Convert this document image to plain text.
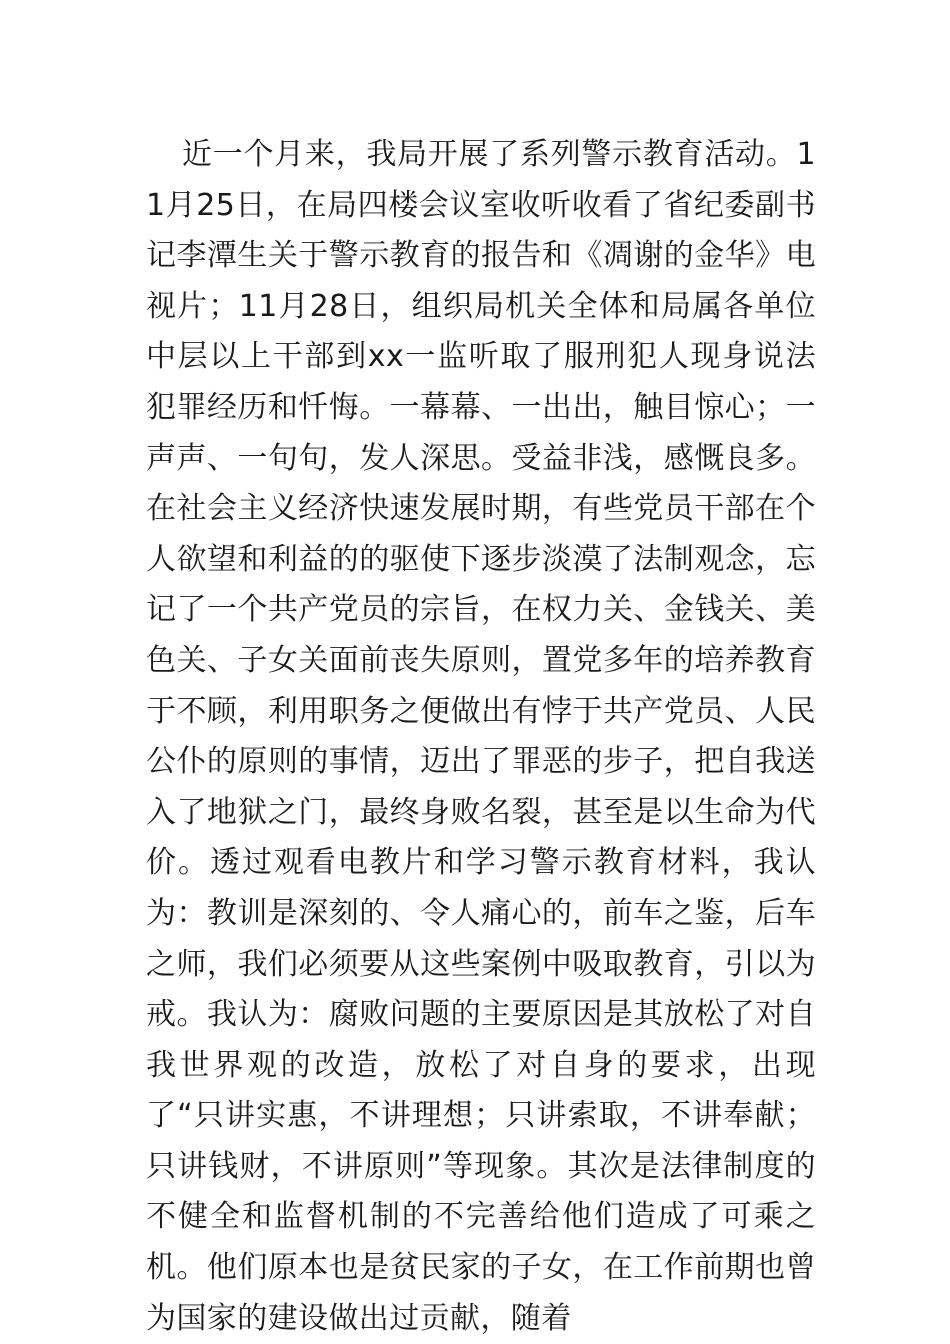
近一个月来，我局开展了系列警示教育活动。11月25日，在局四楼会议室收听收看了省纪委副书记李潭生关于警示教育的报告和《凋谢的金华》电视片；11月28日，组织局机关全体和局属各单位中层以上干部到xx一监听取了服刑犯人现身说法犯罪经历和忏悔。一幕幕、一出出，触目惊心；一声声、一句句，发人深思。受益非浅，感慨良多。在社会主义经济快速发展时期，有些党员干部在个人欲望和利益的的驱使下逐步淡漠了法制观念，忘记了一个共产党员的宗旨，在权力关、金钱关、美色关、子女关面前丧失原则，置党多年的培养教育于不顾，利用职务之便做出有悖于共产党员、人民公仆的原则的事情，迈出了罪恶的步子，把自我送入了地狱之门，最终身败名裂，甚至是以生命为代价。透过观看电教片和学习警示教育材料，我认为：教训是深刻的、令人痛心的，前车之鉴，后车之师，我们必须要从这些案例中吸取教育，引以为戒。我认为：腐败问题的主要原因是其放松了对自我世界观的改造，放松了对自身的要求，出现了“只讲实惠，不讲理想；只讲索取，不讲奉献；只讲钱财，不讲原则”等现象。其次是法律制度的不健全和监督机制的不完善给他们造成了可乘之机。他们原本也是贫民家的子女，在工作前期也曾为国家的建设做出过贡献，随着
